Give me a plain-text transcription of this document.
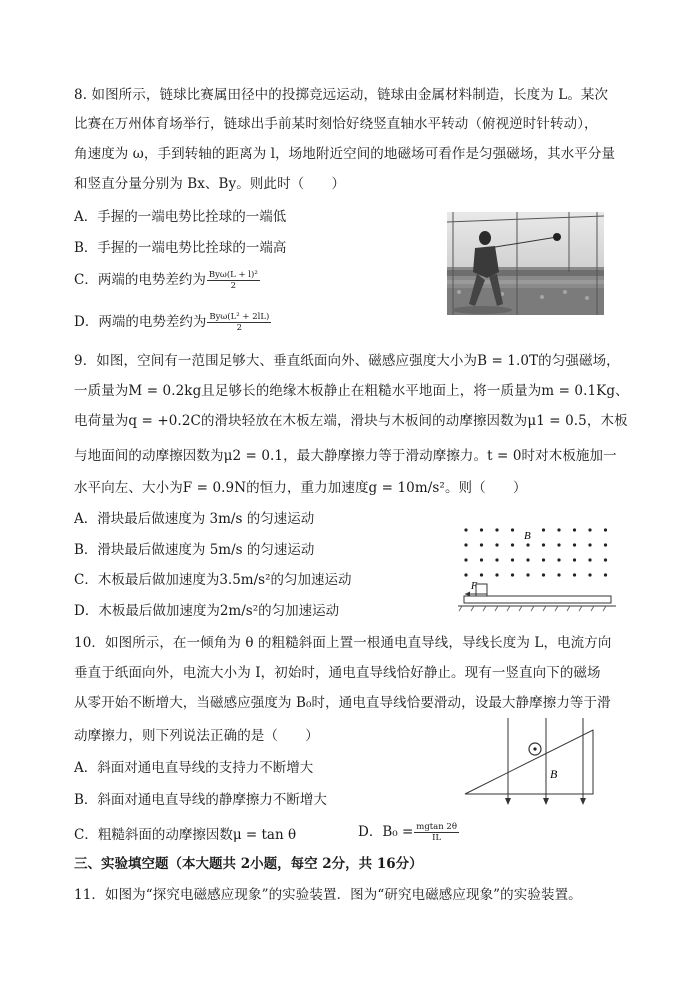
8. 如图所示，链球比赛属田径中的投掷竞远运动，链球由金属材料制造，长度为 L。某次
比赛在万州体育场举行，链球出手前某时刻恰好绕竖直轴水平转动（俯视逆时针转动），
角速度为 ω，手到转轴的距离为 l，场地附近空间的地磁场可看作是匀强磁场，其水平分量
和竖直分量分别为 Bx、By。则此时（　　）
A．手握的一端电势比拴球的一端低
B．手握的一端电势比拴球的一端高
C．两端的电势差约为 $\frac{\text{Byω(L + l)²}}{2}$
D．两端的电势差约为 $\frac{\text{Byω(L² + 2lL)}}{2}$
9．如图，空间有一范围足够大、垂直纸面向外、磁感应强度大小为B = 1.0T的匀强磁场，
一质量为M = 0.2kg且足够长的绝缘木板静止在粗糙水平地面上，将一质量为m = 0.1Kg、
电荷量为q = +0.2C的滑块轻放在木板左端，滑块与木板间的动摩擦因数为μ1 = 0.5，木板
与地面间的动摩擦因数为μ2 = 0.1，最大静摩擦力等于滑动摩擦力。t = 0时对木板施加一
水平向左、大小为F = 0.9N的恒力，重力加速度g = 10m/s²。则（　　）
A．滑块最后做速度为 3m/s 的匀速运动
B．滑块最后做速度为 5m/s 的匀速运动
C．木板最后做加速度为3.5m/s²的匀加速运动
D．木板最后做加速度为2m/s²的匀加速运动
B
F
10．如图所示，在一倾角为 θ 的粗糙斜面上置一根通电直导线，导线长度为 L，电流方向
垂直于纸面向外，电流大小为 I，初始时，通电直导线恰好静止。现有一竖直向下的磁场
从零开始不断增大，当磁感应强度为 B₀时，通电直导线恰要滑动，设最大静摩擦力等于滑
动摩擦力，则下列说法正确的是（　　）
A．斜面对通电直导线的支持力不断增大
B．斜面对通电直导线的静摩擦力不断增大
C．粗糙斜面的动摩擦因数μ = tan θ	D．$B_0 = \frac{mgtan 2\theta}{IL}$
B
三、实验填空题（本大题共 2小题，每空 2分，共 16分）
11．如图为“探究电磁感应现象”的实验装置．图为“研究电磁感应现象”的实验装置。
